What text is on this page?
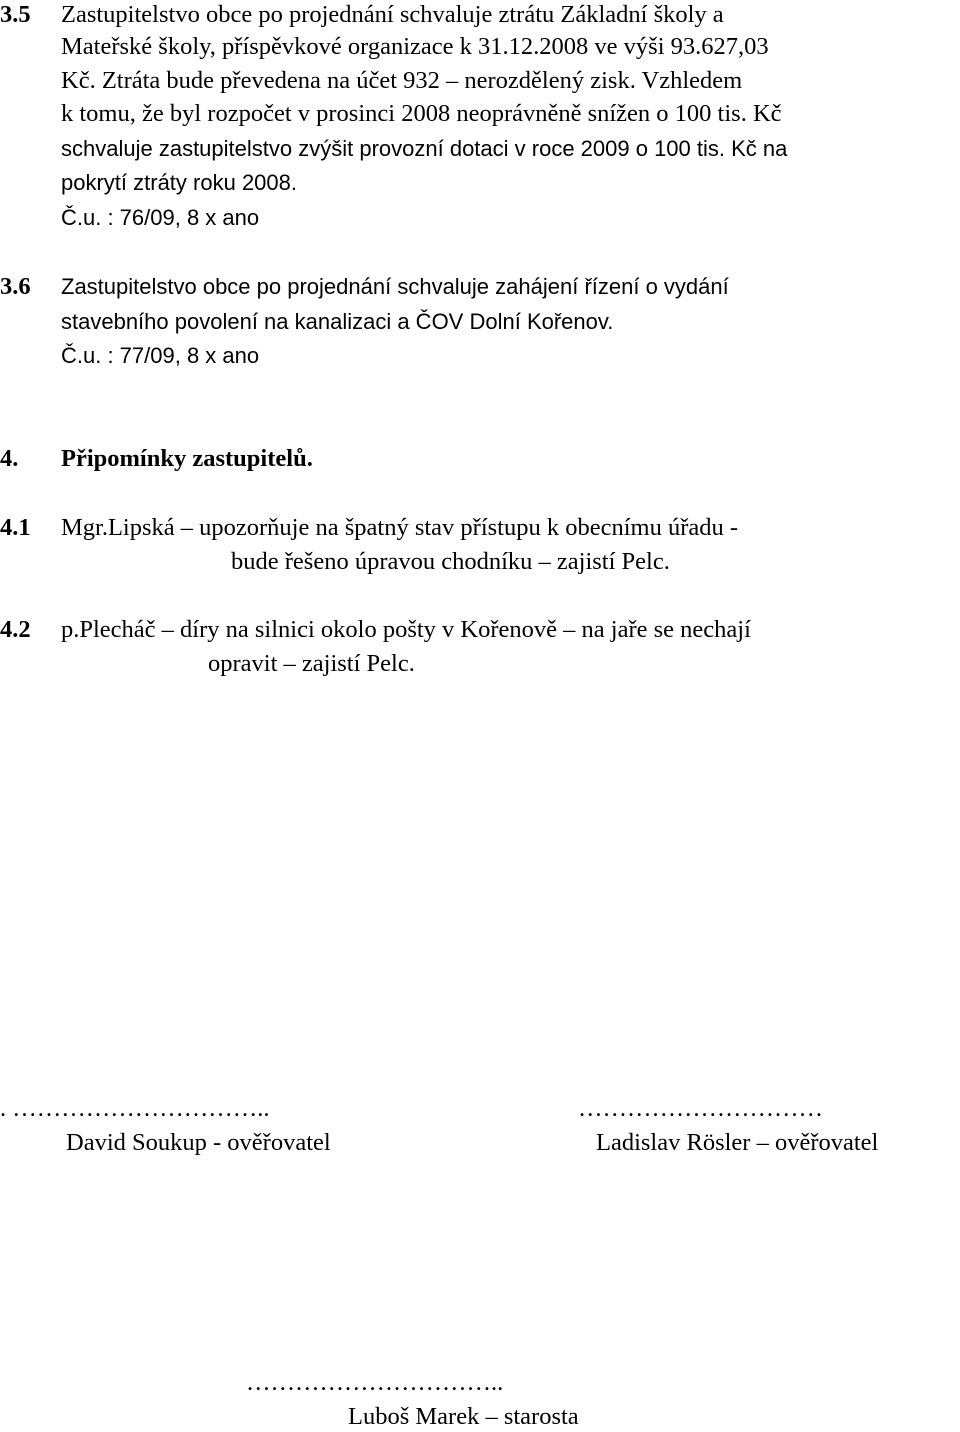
3.5 Zastupitelstvo obce po projednání schvaluje ztrátu Základní školy a
Mateřské školy, příspěvkové organizace k 31.12.2008 ve výši 93.627,03
Kč. Ztráta bude převedena na účet 932 – nerozdělený zisk. Vzhledem
k tomu, že byl rozpočet v prosinci 2008 neoprávněně snížen o 100 tis. Kč
schvaluje zastupitelstvo zvýšit provozní dotaci v roce 2009 o 100 tis. Kč na
pokrytí ztráty roku 2008.
Č.u. : 76/09, 8 x ano
3.6 Zastupitelstvo obce po projednání schvaluje zahájení řízení o vydání
stavebního povolení na kanalizaci a ČOV Dolní Kořenov.
Č.u. : 77/09, 8 x ano
4. Připomínky zastupitelů.
4.1 Mgr.Lipská – upozorňuje na špatný stav přístupu k obecnímu úřadu -
bude řešeno úpravou chodníku – zajistí Pelc.
4.2 p.Plecháč – díry na silnici okolo pošty v Kořenově – na jaře se nechají
opravit – zajistí Pelc.
. …………………………..
David Soukup - ověřovatel
…………………………
Ladislav Rösler – ověřovatel
…………………………..
Luboš Marek – starosta
